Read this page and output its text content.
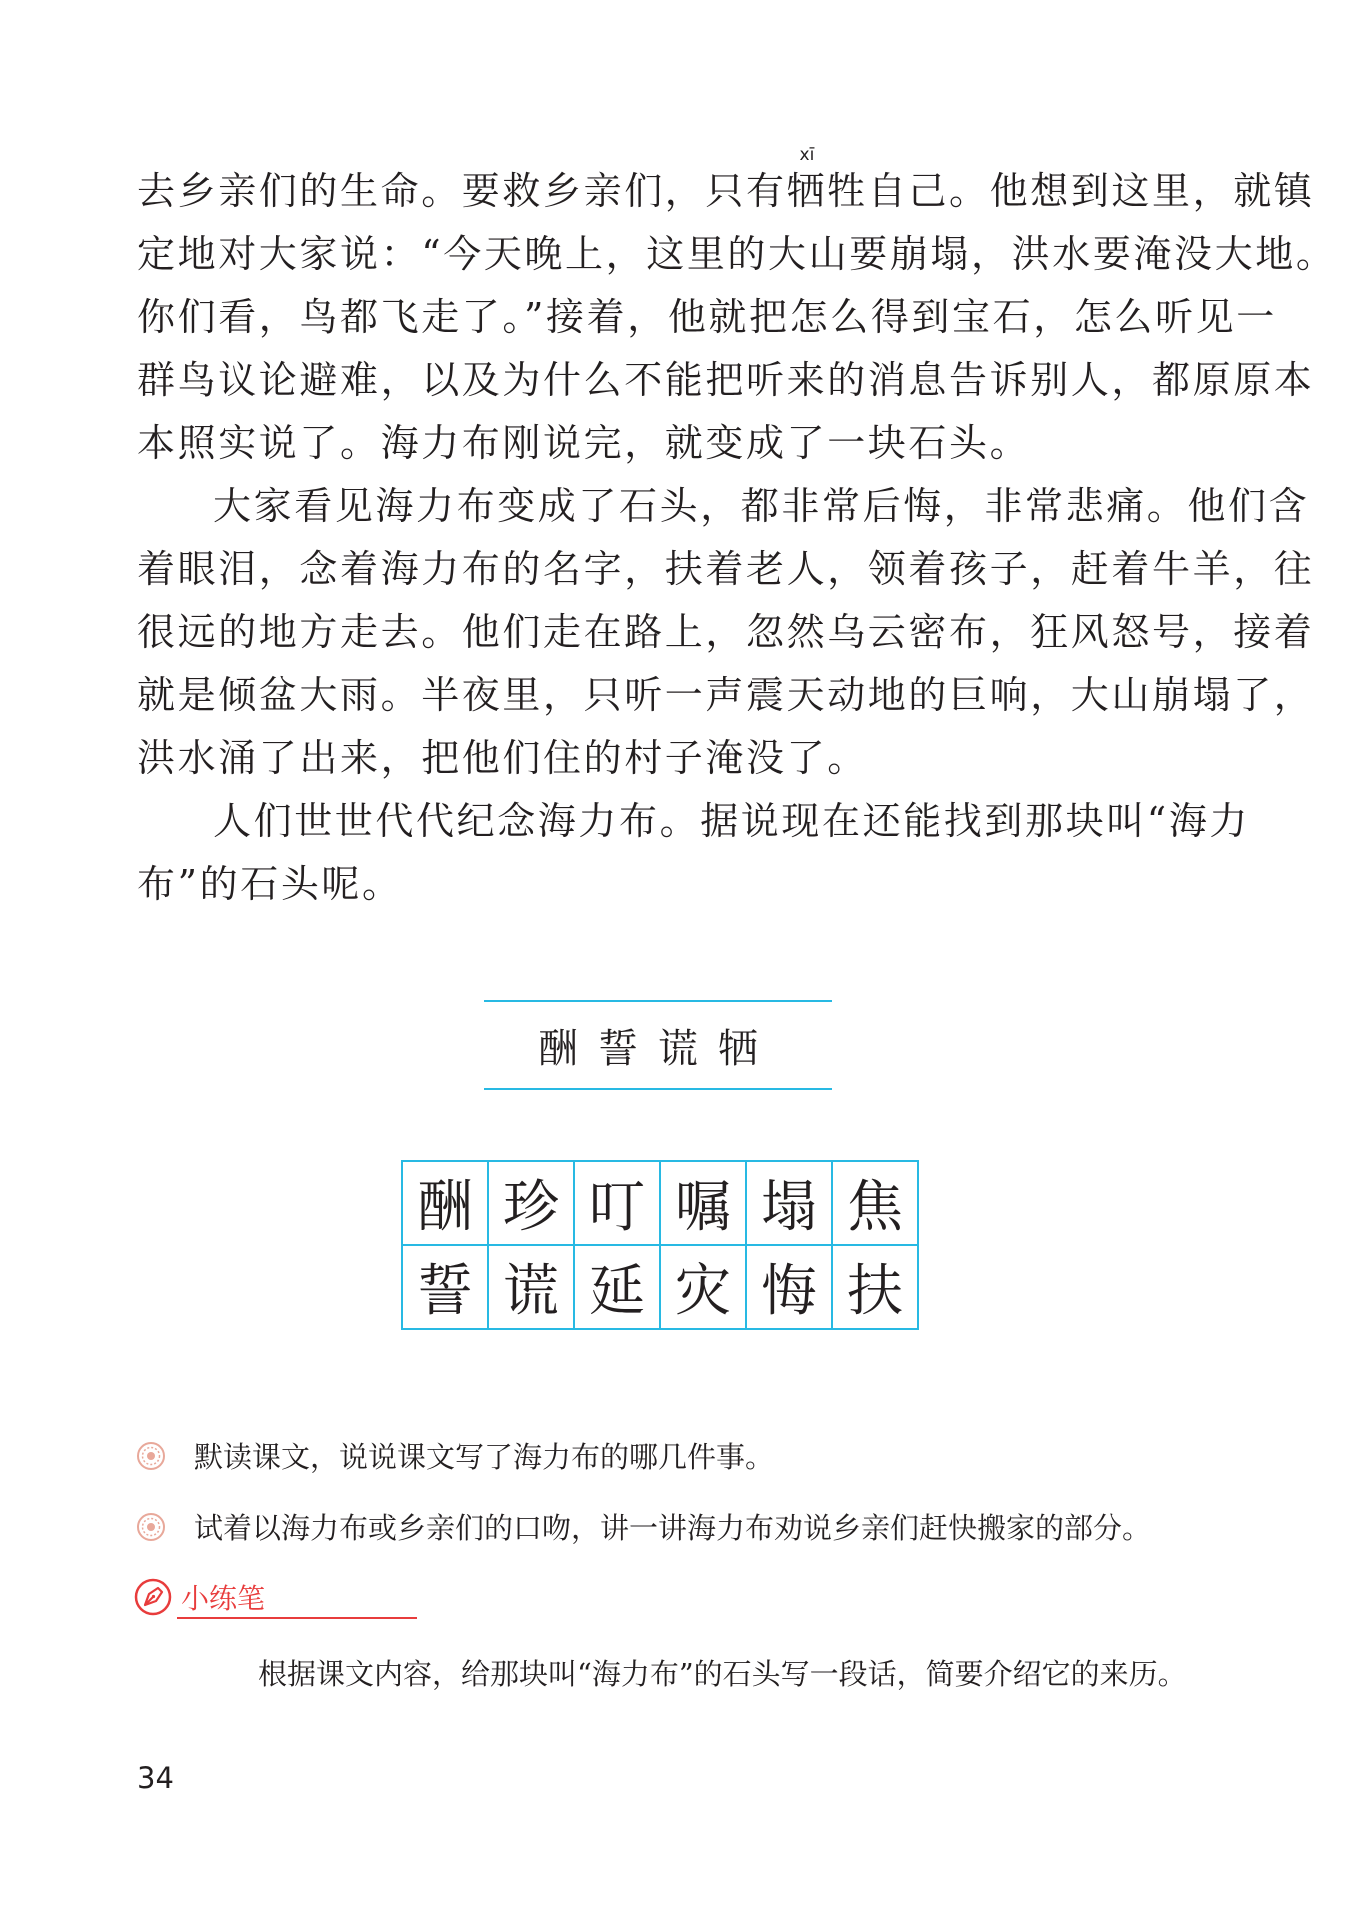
去乡亲们的生命。要救乡亲们，只有
xī
牺牲自己。他想到这里，就镇
定地对大家说：“今天晚上，这里的大山要崩塌，洪水要淹没大地。
你们看，鸟都飞走了。”接着，他就把怎么得到宝石，怎么听见一
群鸟议论避难，以及为什么不能把听来的消息告诉别人，都原原本
本照实说了。海力布刚说完，就变成了一块石头。
大家看见海力布变成了石头，都非常后悔，非常悲痛。他们含
着眼泪，念着海力布的名字，扶着老人，领着孩子，赶着牛羊，往
很远的地方走去。他们走在路上，忽然乌云密布，狂风怒号，接着
就是倾盆大雨。半夜里，只听一声震天动地的巨响，大山崩塌了，
洪水涌了出来，把他们住的村子淹没了。
人们世世代代纪念海力布。据说现在还能找到那块叫“海力
布”的石头呢。
酬誓谎牺
酬	珍	叮	嘱	塌	焦
誓	谎	延	灾	悔	扶
默读课文，说说课文写了海力布的哪几件事。
试着以海力布或乡亲们的口吻，讲一讲海力布劝说乡亲们赶快搬家的部分。
小练笔
根据课文内容，给那块叫“海力布”的石头写一段话，简要介绍它的来历。
34
